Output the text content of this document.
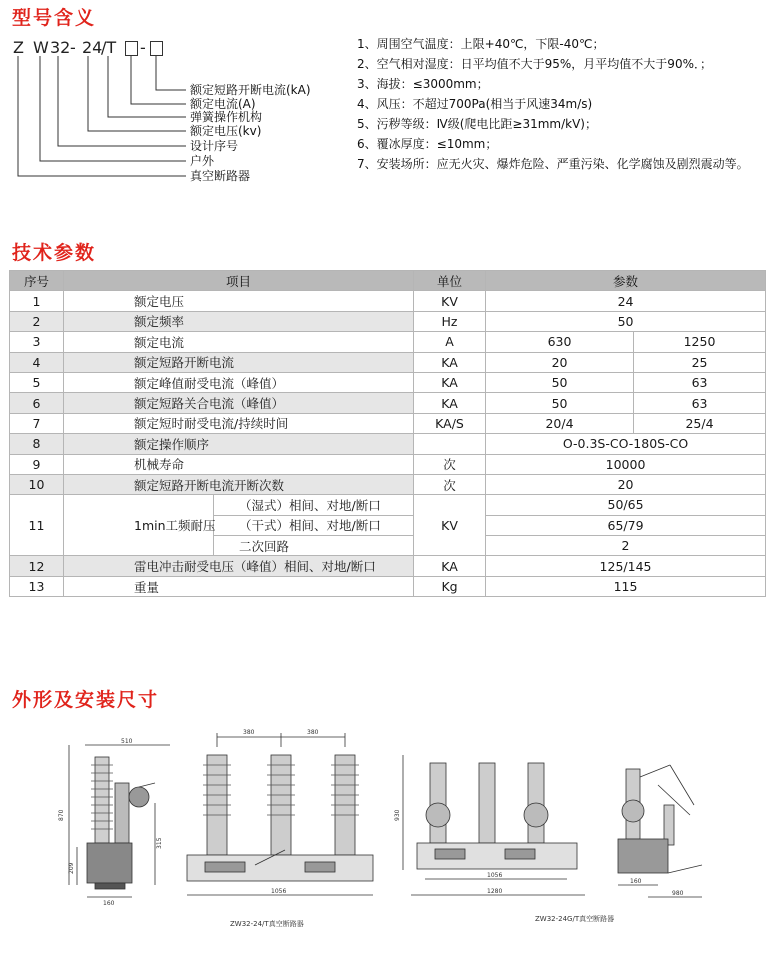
型号含义
Z W 32 - 24
/T -
额定短路开断电流(kA)
额定电流(A)
弹簧操作机构
额定电压(kv)
设计序号
户外
真空断路器
1、周围空气温度：上限+40℃，下限-40℃；
2、空气相对湿度：日平均值不大于95%，月平均值不大于90%．；
3、海拔：≤3000mm；
4、风压：不超过700Pa(相当于风速34m/s)
5、污秽等级：Ⅳ级(爬电比距≥31mm/kV)；
6、覆冰厚度：≤10mm；
7、安装场所：应无火灾、爆炸危险、严重污染、化学腐蚀及剧烈震动等。
技术参数
序号	项目		单位	参数	
1	额定电压		KV	24	
2	额定频率		Hz	50	
3	额定电流		A	630	1250
4	额定短路开断电流		KA	20	25
5	额定峰值耐受电流（峰值）		KA	50	63
6	额定短路关合电流（峰值）		KA	50	63
7	额定短时耐受电流/持续时间		KA/S	20/4	25/4
8	额定操作顺序			O-0.3S-CO-180S-CO	
9	机械寿命		次	10000	
10	额定短路开断电流开断次数		次	20	
11	1min工频耐压	（湿式）相间、对地/断口	KV	50/65	
		（干式）相间、对地/断口		65/79	
		二次回路		2	
12	雷电冲击耐受电压（峰值）相间、对地/断口		KA	125/145	
13	重量		Kg	115	
外形及安装尺寸
510
870
315
209
160
380	380
1056
ZW32-24/T真空断路器
930
1056
1280
ZW32-24G/T真空断路器
160
980
